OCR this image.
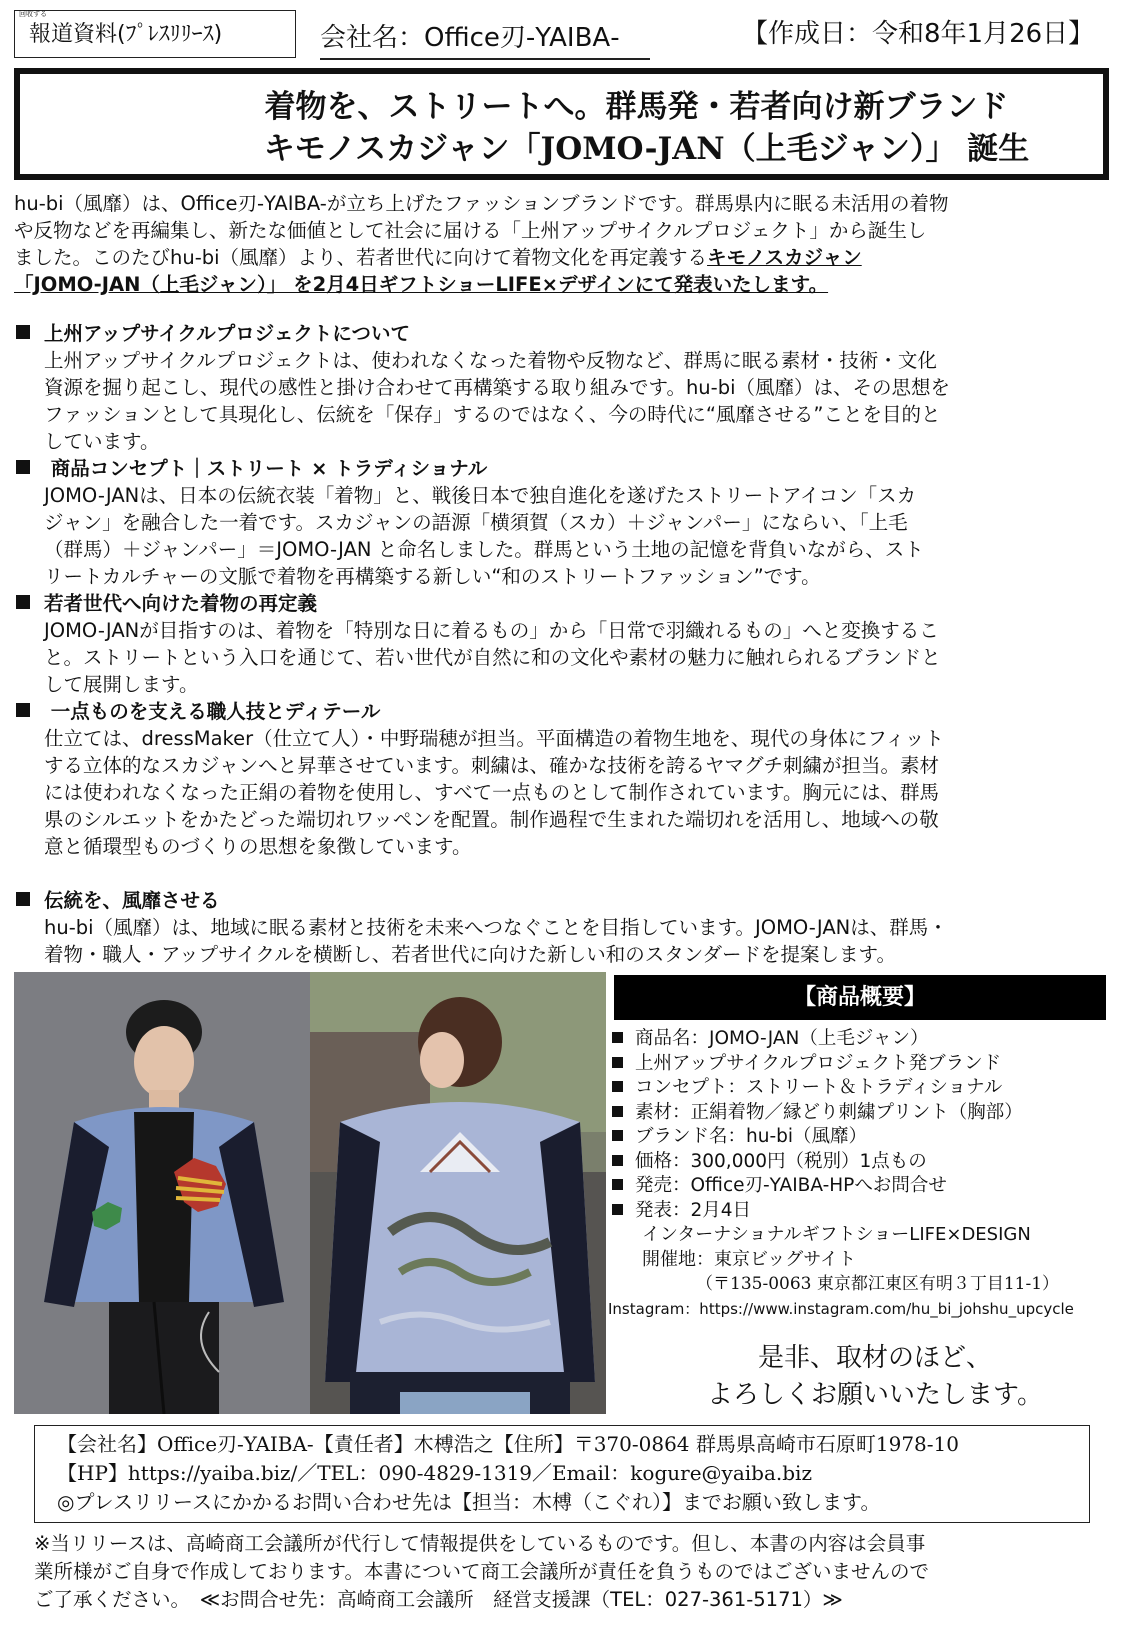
回收する
報道資料(ﾌﾟﾚｽﾘﾘｰｽ)	会社名：Office刃‐YAIBA‐	【作成日：令和8年1月26日】
着物を、ストリートへ。群馬発・若者向け新ブランド
キモノスカジャン「JOMO-JAN（上毛ジャン）」 誕生
hu-bi（風靡）は、Office刃-YAIBA-が立ち上げたファッションブランドです。群馬県内に眠る未活用の着物
や反物などを再編集し、新たな価値として社会に届ける「上州アップサイクルプロジェクト」から誕生し
ました。このたびhu-bi（風靡）より、若者世代に向けて着物文化を再定義するキモノスカジャン
「JOMO-JAN（上毛ジャン）」 を2月4日ギフトショーLIFE×デザインにて発表いたします。
上州アップサイクルプロジェクトについて
上州アップサイクルプロジェクトは、使われなくなった着物や反物など、群馬に眠る素材・技術・文化
資源を掘り起こし、現代の感性と掛け合わせて再構築する取り組みです。hu-bi（風靡）は、その思想を
ファッションとして具現化し、伝統を「保存」するのではなく、今の時代に“風靡させる”ことを目的と
しています。
商品コンセプト｜ストリート × トラディショナル
JOMO-JANは、日本の伝統衣装「着物」と、戦後日本で独自進化を遂げたストリートアイコン「スカ
ジャン」を融合した一着です。スカジャンの語源「横須賀（スカ）＋ジャンパー」にならい、「上毛
（群馬）＋ジャンパー」＝JOMO-JAN と命名しました。群馬という土地の記憶を背負いながら、スト
リートカルチャーの文脈で着物を再構築する新しい“和のストリートファッション”です。
若者世代へ向けた着物の再定義
JOMO-JANが目指すのは、着物を「特別な日に着るもの」から「日常で羽織れるもの」へと変換するこ
と。ストリートという入口を通じて、若い世代が自然に和の文化や素材の魅力に触れられるブランドと
して展開します。
一点ものを支える職人技とディテール
仕立ては、dressMaker（仕立て人）・中野瑞穂が担当。平面構造の着物生地を、現代の身体にフィット
する立体的なスカジャンへと昇華させています。刺繍は、確かな技術を誇るヤマグチ刺繍が担当。素材
には使われなくなった正絹の着物を使用し、すべて一点ものとして制作されています。胸元には、群馬
県のシルエットをかたどった端切れワッペンを配置。制作過程で生まれた端切れを活用し、地域への敬
意と循環型ものづくりの思想を象徴しています。
伝統を、風靡させる
hu-bi（風靡）は、地域に眠る素材と技術を未来へつなぐことを目指しています。JOMO-JANは、群馬・
着物・職人・アップサイクルを横断し、若者世代に向けた新しい和のスタンダードを提案します。
【商品概要】
商品名：JOMO-JAN（上毛ジャン）
上州アップサイクルプロジェクト発ブランド
コンセプト：ストリート＆トラディショナル
素材：正絹着物／縁どり刺繍プリント（胸部）
ブランド名：hu-bi（風靡）
価格：300,000円（税別）1点もの
発売：Office刃-YAIBA-HPへお問合せ
発表：2月4日
インターナショナルギフトショーLIFE×DESIGN
開催地：東京ビッグサイト
（〒135-0063 東京都江東区有明３丁目11-1）
Instagram：https://www.instagram.com/hu_bi_johshu_upcycle
是非、取材のほど、
よろしくお願いいたします。
【会社名】Office刃-YAIBA-【責任者】木榑浩之【住所】〒370-0864 群馬県高崎市石原町1978-10
【HP】https://yaiba.biz/／TEL：090-4829-1319／Email：kogure@yaiba.biz
◎プレスリリースにかかるお問い合わせ先は【担当：木榑（こぐれ）】までお願い致します。
※当リリースは、高崎商工会議所が代行して情報提供をしているものです。但し、本書の内容は会員事
業所様がご自身で作成しております。本書について商工会議所が責任を負うものではございませんので
ご了承ください。　≪お問合せ先：高崎商工会議所　経営支援課（TEL：027-361-5171）≫
